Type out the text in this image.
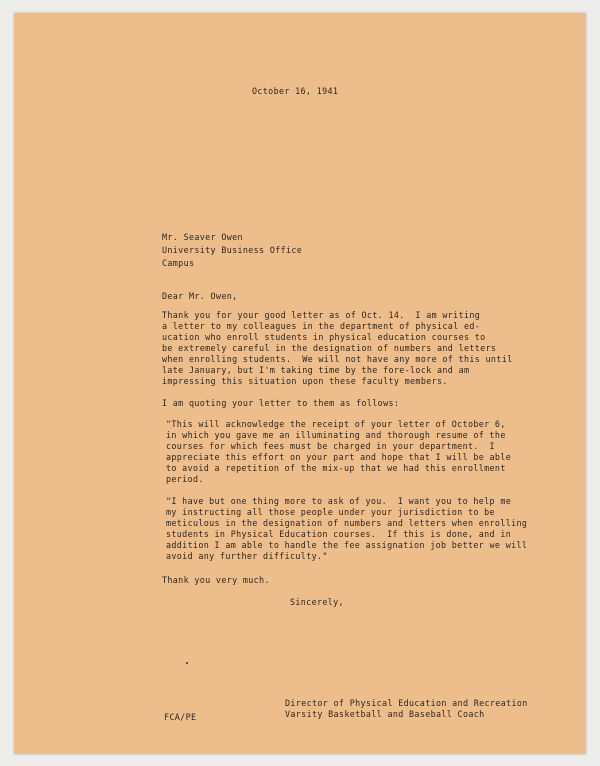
October 16, 1941
Mr. Seaver Owen
University Business Office
Campus
Dear Mr. Owen,
Thank you for your good letter as of Oct. 14.  I am writing
a letter to my colleagues in the department of physical ed-
ucation who enroll students in physical education courses to
be extremely careful in the designation of numbers and letters
when enrolling students.  We will not have any more of this until
late January, but I'm taking time by the fore-lock and am
impressing this situation upon these faculty members.
I am quoting your letter to them as follows:
"This will acknowledge the receipt of your letter of October 6,
in which you gave me an illuminating and thorough resume of the
courses for which fees must be charged in your department.  I
appreciate this effort on your part and hope that I will be able
to avoid a repetition of the mix-up that we had this enrollment
period.
"I have but one thing more to ask of you.  I want you to help me
my instructing all those people under your jurisdiction to be
meticulous in the designation of numbers and letters when enrolling
students in Physical Education courses.  If this is done, and in
addition I am able to handle the fee assignation job better we will
avoid any further difficulty."
Thank you very much.
Sincerely,
FCA/PE
Director of Physical Education and Recreation
Varsity Basketball and Baseball Coach
